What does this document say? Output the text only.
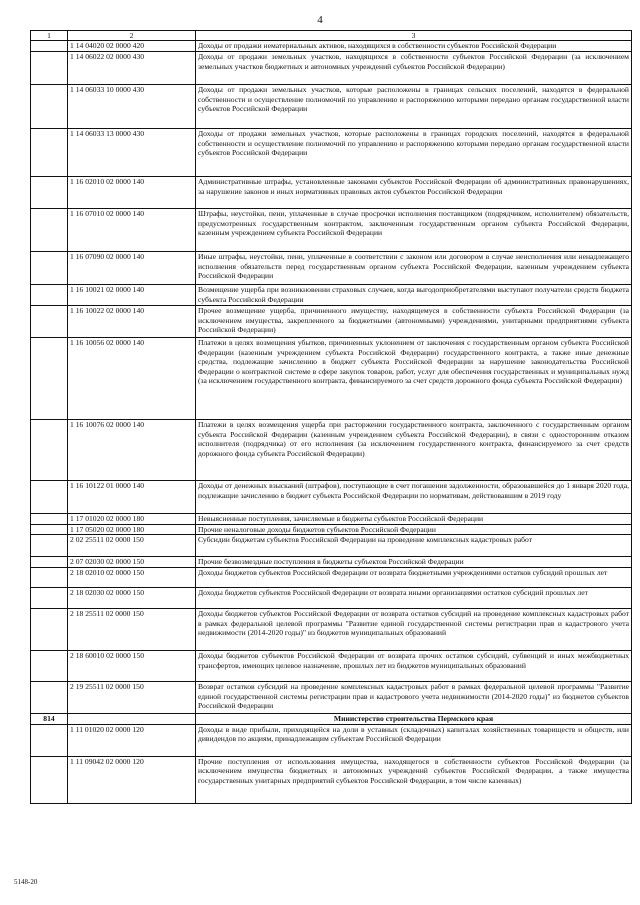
4
1	2	3
	1 14 04020 02 0000 420	Доходы от продажи нематериальных активов, находящихся в собственности субъектов Российской Федерации
	1 14 06022 02 0000 430	Доходы от продажи земельных участков, находящихся в собственности субъектов Российской Федерации (за исключением земельных участков бюджетных и автономных учреждений субъектов Российской Федерации)
	1 14 06033 10 0000 430	Доходы от продажи земельных участков, которые расположены в границах сельских поселений, находятся в федеральной собственности и осуществление полномочий по управлению и распоряжению которыми передано органам государственной власти субъектов Российской Федерации
	1 14 06033 13 0000 430	Доходы от продажи земельных участков, которые расположены в границах городских поселений, находятся в федеральной собственности и осуществление полномочий по управлению и распоряжению которыми передано органам государственной власти субъектов Российской Федерации
	1 16 02010 02 0000 140	Административные штрафы, установленные законами субъектов Российской Федерации об административных правонарушениях, за нарушение законов и иных нормативных правовых актов субъектов Российской Федерации
	1 16 07010 02 0000 140	Штрафы, неустойки, пени, уплаченные в случае просрочки исполнения поставщиком (подрядчиком, исполнителем) обязательств, предусмотренных государственным контрактом, заключенным государственным органом субъекта Российской Федерации, казенным учреждением субъекта Российской Федерации
	1 16 07090 02 0000 140	Иные штрафы, неустойки, пени, уплаченные в соответствии с законом или договором в случае неисполнения или ненадлежащего исполнения обязательств перед государственным органом субъекта Российской Федерации, казенным учреждением субъекта Российской Федерации
	1 16 10021 02 0000 140	Возмещение ущерба при возникновении страховых случаев, когда выгодоприобретателями выступают получатели средств бюджета субъекта Российской Федерации
	1 16 10022 02 0000 140	Прочее возмещение ущерба, причиненного имуществу, находящемуся в собственности субъекта Российской Федерации (за исключением имущества, закрепленного за бюджетными (автономными) учреждениями, унитарными предприятиями субъекта Российской Федерации)
	1 16 10056 02 0000 140	Платежи в целях возмещения убытков, причиненных уклонением от заключения с государственным органом субъекта Российской Федерации (казенным учреждением субъекта Российской Федерации) государственного контракта, а также иные денежные средства, подлежащие зачислению в бюджет субъекта Российской Федерации за нарушение законодательства Российской Федерации о контрактной системе в сфере закупок товаров, работ, услуг для обеспечения государственных и муниципальных нужд (за исключением государственного контракта, финансируемого за счет средств дорожного фонда субъекта Российской Федерации)
	1 16 10076 02 0000 140	Платежи в целях возмещения ущерба при расторжении государственного контракта, заключенного с государственным органом субъекта Российской Федерации (казенным учреждением субъекта Российской Федерации), в связи с односторонним отказом исполнителя (подрядчика) от его исполнения (за исключением государственного контракта, финансируемого за счет средств дорожного фонда субъекта Российской Федерации)
	1 16 10122 01 0000 140	Доходы от денежных взысканий (штрафов), поступающие в счет погашения задолженности, образовавшейся до 1 января 2020 года, подлежащие зачислению в бюджет субъекта Российской Федерации по нормативам, действовавшим в 2019 году
	1 17 01020 02 0000 180	Невыясненные поступления, зачисляемые в бюджеты субъектов Российской Федерации
	1 17 05020 02 0000 180	Прочие неналоговые доходы бюджетов субъектов Российской Федерации
	2 02 25511 02 0000 150	Субсидии бюджетам субъектов Российской Федерации на проведение комплексных кадастровых работ
	2 07 02030 02 0000 150	Прочие безвозмездные поступления в бюджеты субъектов Российской Федерации
	2 18 02010 02 0000 150	Доходы бюджетов субъектов Российской Федерации от возврата бюджетными учреждениями остатков субсидий прошлых лет
	2 18 02030 02 0000 150	Доходы бюджетов субъектов Российской Федерации от возврата иными организациями остатков субсидий прошлых лет
	2 18 25511 02 0000 150	Доходы бюджетов субъектов Российской Федерации от возврата остатков субсидий на проведение комплексных кадастровых работ в рамках федеральной целевой программы "Развитие единой государственной системы регистрации прав и кадастрового учета недвижимости (2014-2020 годы)" из бюджетов муниципальных образований
	2 18 60010 02 0000 150	Доходы бюджетов субъектов Российской Федерации от возврата прочих остатков субсидий, субвенций и иных межбюджетных трансфертов, имеющих целевое назначение, прошлых лет из бюджетов муниципальных образований
	2 19 25511 02 0000 150	Возврат остатков субсидий на проведение комплексных кадастровых работ в рамках федеральной целевой программы "Развитие единой государственной системы регистрации прав и кадастрового учета недвижимости (2014-2020 годы)" из бюджетов субъектов Российской Федерации
814		Министерство строительства Пермского края
	1 11 01020 02 0000 120	Доходы в виде прибыли, приходящейся на доли в уставных (складочных) капиталах хозяйственных товариществ и обществ, или дивидендов по акциям, принадлежащим субъектам Российской Федерации
	1 11 09042 02 0000 120	Прочие поступления от использования имущества, находящегося в собственности субъектов Российской Федерации (за исключением имущества бюджетных и автономных учреждений субъектов Российской Федерации, а также имущества государственных унитарных предприятий субъектов Российской Федерации, в том числе казенных)
5148-20
